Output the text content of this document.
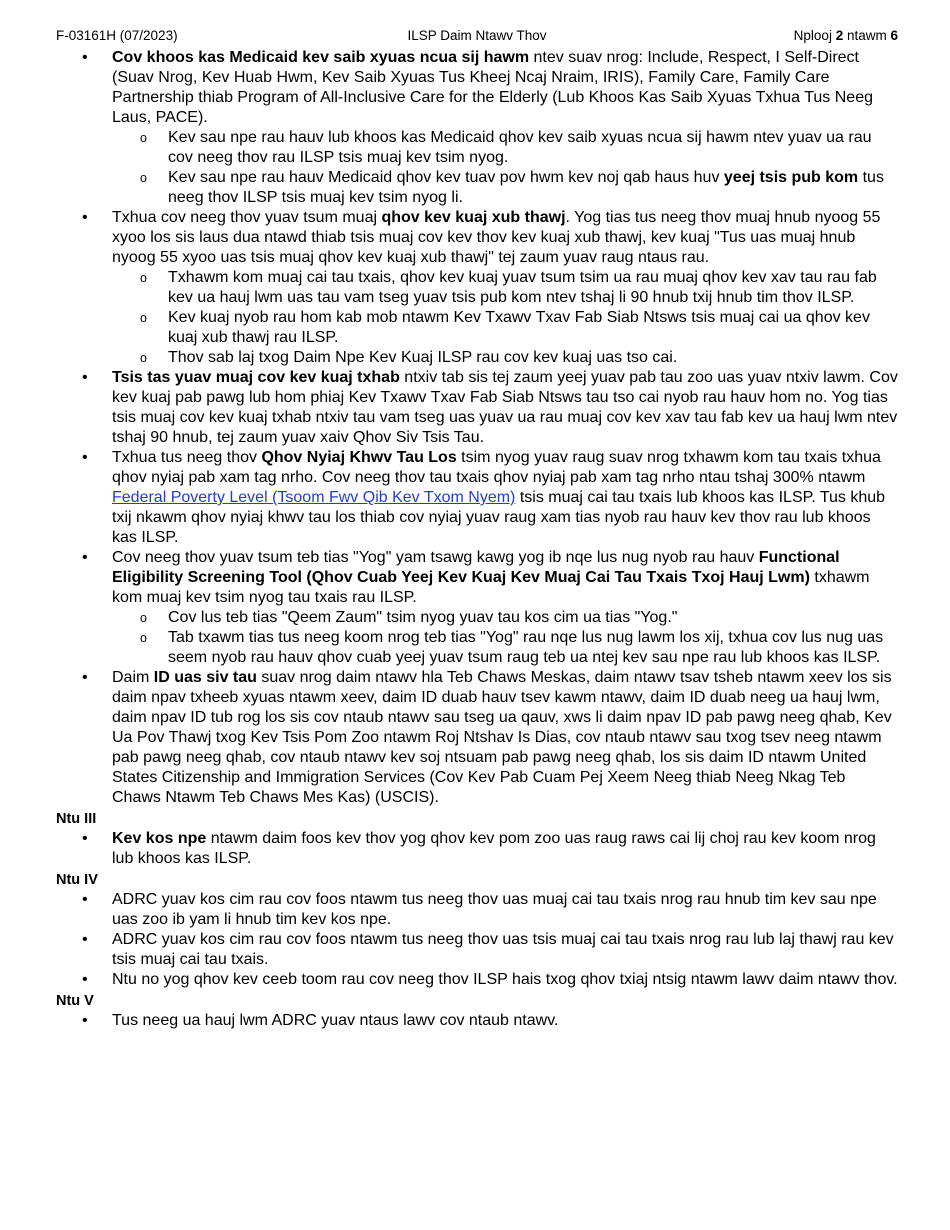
F-03161H (07/2023)	ILSP Daim Ntawv Thov	Nplooj 2 ntawm 6
• Cov khoos kas Medicaid kev saib xyuas ncua sij hawm ntev suav nrog: Include, Respect, I Self-Direct (Suav Nrog, Kev Huab Hwm, Kev Saib Xyuas Tus Kheej Ncaj Nraim, IRIS), Family Care, Family Care Partnership thiab Program of All-Inclusive Care for the Elderly (Lub Khoos Kas Saib Xyuas Txhua Tus Neeg Laus, PACE).
o Kev sau npe rau hauv lub khoos kas Medicaid qhov kev saib xyuas ncua sij hawm ntev yuav ua rau cov neeg thov rau ILSP tsis muaj kev tsim nyog.
o Kev sau npe rau hauv Medicaid qhov kev tuav pov hwm kev noj qab haus huv yeej tsis pub kom tus neeg thov ILSP tsis muaj kev tsim nyog li.
• Txhua cov neeg thov yuav tsum muaj qhov kev kuaj xub thawj. Yog tias tus neeg thov muaj hnub nyoog 55 xyoo los sis laus dua ntawd thiab tsis muaj cov kev thov kev kuaj xub thawj, kev kuaj "Tus uas muaj hnub nyoog 55 xyoo uas tsis muaj qhov kev kuaj xub thawj" tej zaum yuav raug ntaus rau.
o Txhawm kom muaj cai tau txais, qhov kev kuaj yuav tsum tsim ua rau muaj qhov kev xav tau rau fab kev ua hauj lwm uas tau vam tseg yuav tsis pub kom ntev tshaj li 90 hnub txij hnub tim thov ILSP.
o Kev kuaj nyob rau hom kab mob ntawm Kev Txawv Txav Fab Siab Ntsws tsis muaj cai ua qhov kev kuaj xub thawj rau ILSP.
o Thov sab laj txog Daim Npe Kev Kuaj ILSP rau cov kev kuaj uas tso cai.
• Tsis tas yuav muaj cov kev kuaj txhab ntxiv tab sis tej zaum yeej yuav pab tau zoo uas yuav ntxiv lawm. Cov kev kuaj pab pawg lub hom phiaj Kev Txawv Txav Fab Siab Ntsws tau tso cai nyob rau hauv hom no. Yog tias tsis muaj cov kev kuaj txhab ntxiv tau vam tseg uas yuav ua rau muaj cov kev xav tau fab kev ua hauj lwm ntev tshaj 90 hnub, tej zaum yuav xaiv Qhov Siv Tsis Tau.
• Txhua tus neeg thov Qhov Nyiaj Khwv Tau Los tsim nyog yuav raug suav nrog txhawm kom tau txais txhua qhov nyiaj pab xam tag nrho. Cov neeg thov tau txais qhov nyiaj pab xam tag nrho ntau tshaj 300% ntawm Federal Poverty Level (Tsoom Fwv Qib Kev Txom Nyem) tsis muaj cai tau txais lub khoos kas ILSP. Tus khub txij nkawm qhov nyiaj khwv tau los thiab cov nyiaj yuav raug xam tias nyob rau hauv kev thov rau lub khoos kas ILSP.
• Cov neeg thov yuav tsum teb tias "Yog" yam tsawg kawg yog ib nqe lus nug nyob rau hauv Functional Eligibility Screening Tool (Qhov Cuab Yeej Kev Kuaj Kev Muaj Cai Tau Txais Txoj Hauj Lwm) txhawm kom muaj kev tsim nyog tau txais rau ILSP.
o Cov lus teb tias "Qeem Zaum" tsim nyog yuav tau kos cim ua tias "Yog."
o Tab txawm tias tus neeg koom nrog teb tias "Yog" rau nqe lus nug lawm los xij, txhua cov lus nug uas seem nyob rau hauv qhov cuab yeej yuav tsum raug teb ua ntej kev sau npe rau lub khoos kas ILSP.
• Daim ID uas siv tau suav nrog daim ntawv hla Teb Chaws Meskas, daim ntawv tsav tsheb ntawm xeev los sis daim npav txheeb xyuas ntawm xeev, daim ID duab hauv tsev kawm ntawv, daim ID duab neeg ua hauj lwm, daim npav ID tub rog los sis cov ntaub ntawv sau tseg ua qauv, xws li daim npav ID pab pawg neeg qhab, Kev Ua Pov Thawj txog Kev Tsis Pom Zoo ntawm Roj Ntshav Is Dias, cov ntaub ntawv sau txog tsev neeg ntawm pab pawg neeg qhab, cov ntaub ntawv kev soj ntsuam pab pawg neeg qhab, los sis daim ID ntawm United States Citizenship and Immigration Services (Cov Kev Pab Cuam Pej Xeem Neeg thiab Neeg Nkag Teb Chaws Ntawm Teb Chaws Mes Kas) (USCIS).
Ntu III
• Kev kos npe ntawm daim foos kev thov yog qhov kev pom zoo uas raug raws cai lij choj rau kev koom nrog lub khoos kas ILSP.
Ntu IV
• ADRC yuav kos cim rau cov foos ntawm tus neeg thov uas muaj cai tau txais nrog rau hnub tim kev sau npe uas zoo ib yam li hnub tim kev kos npe.
• ADRC yuav kos cim rau cov foos ntawm tus neeg thov uas tsis muaj cai tau txais nrog rau lub laj thawj rau kev tsis muaj cai tau txais.
• Ntu no yog qhov kev ceeb toom rau cov neeg thov ILSP hais txog qhov txiaj ntsig ntawm lawv daim ntawv thov.
Ntu V
• Tus neeg ua hauj lwm ADRC yuav ntaus lawv cov ntaub ntawv.
